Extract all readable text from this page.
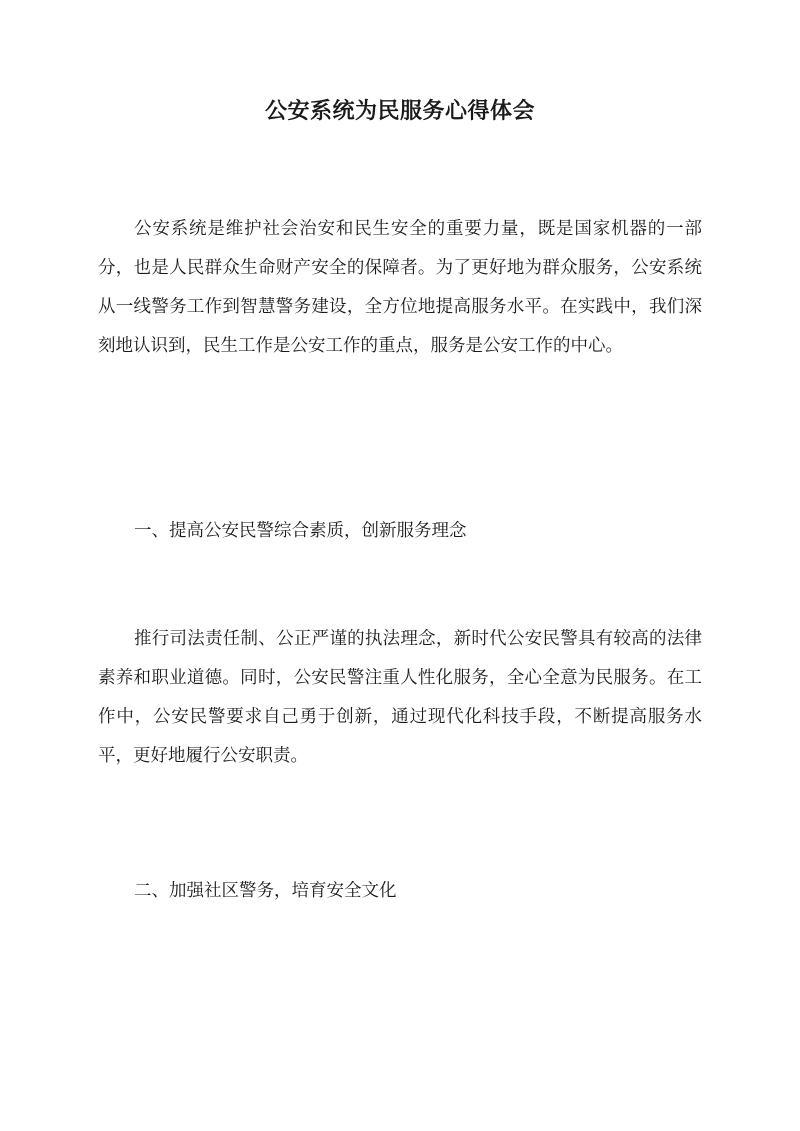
公安系统为民服务心得体会

公安系统是维护社会治安和民生安全的重要力量，既是国家机器的一部分，也是人民群众生命财产安全的保障者。为了更好地为群众服务，公安系统从一线警务工作到智慧警务建设，全方位地提高服务水平。在实践中，我们深刻地认识到，民生工作是公安工作的重点，服务是公安工作的中心。

一、提高公安民警综合素质，创新服务理念

推行司法责任制、公正严谨的执法理念，新时代公安民警具有较高的法律素养和职业道德。同时，公安民警注重人性化服务，全心全意为民服务。在工作中，公安民警要求自己勇于创新，通过现代化科技手段，不断提高服务水平，更好地履行公安职责。

二、加强社区警务，培育安全文化
